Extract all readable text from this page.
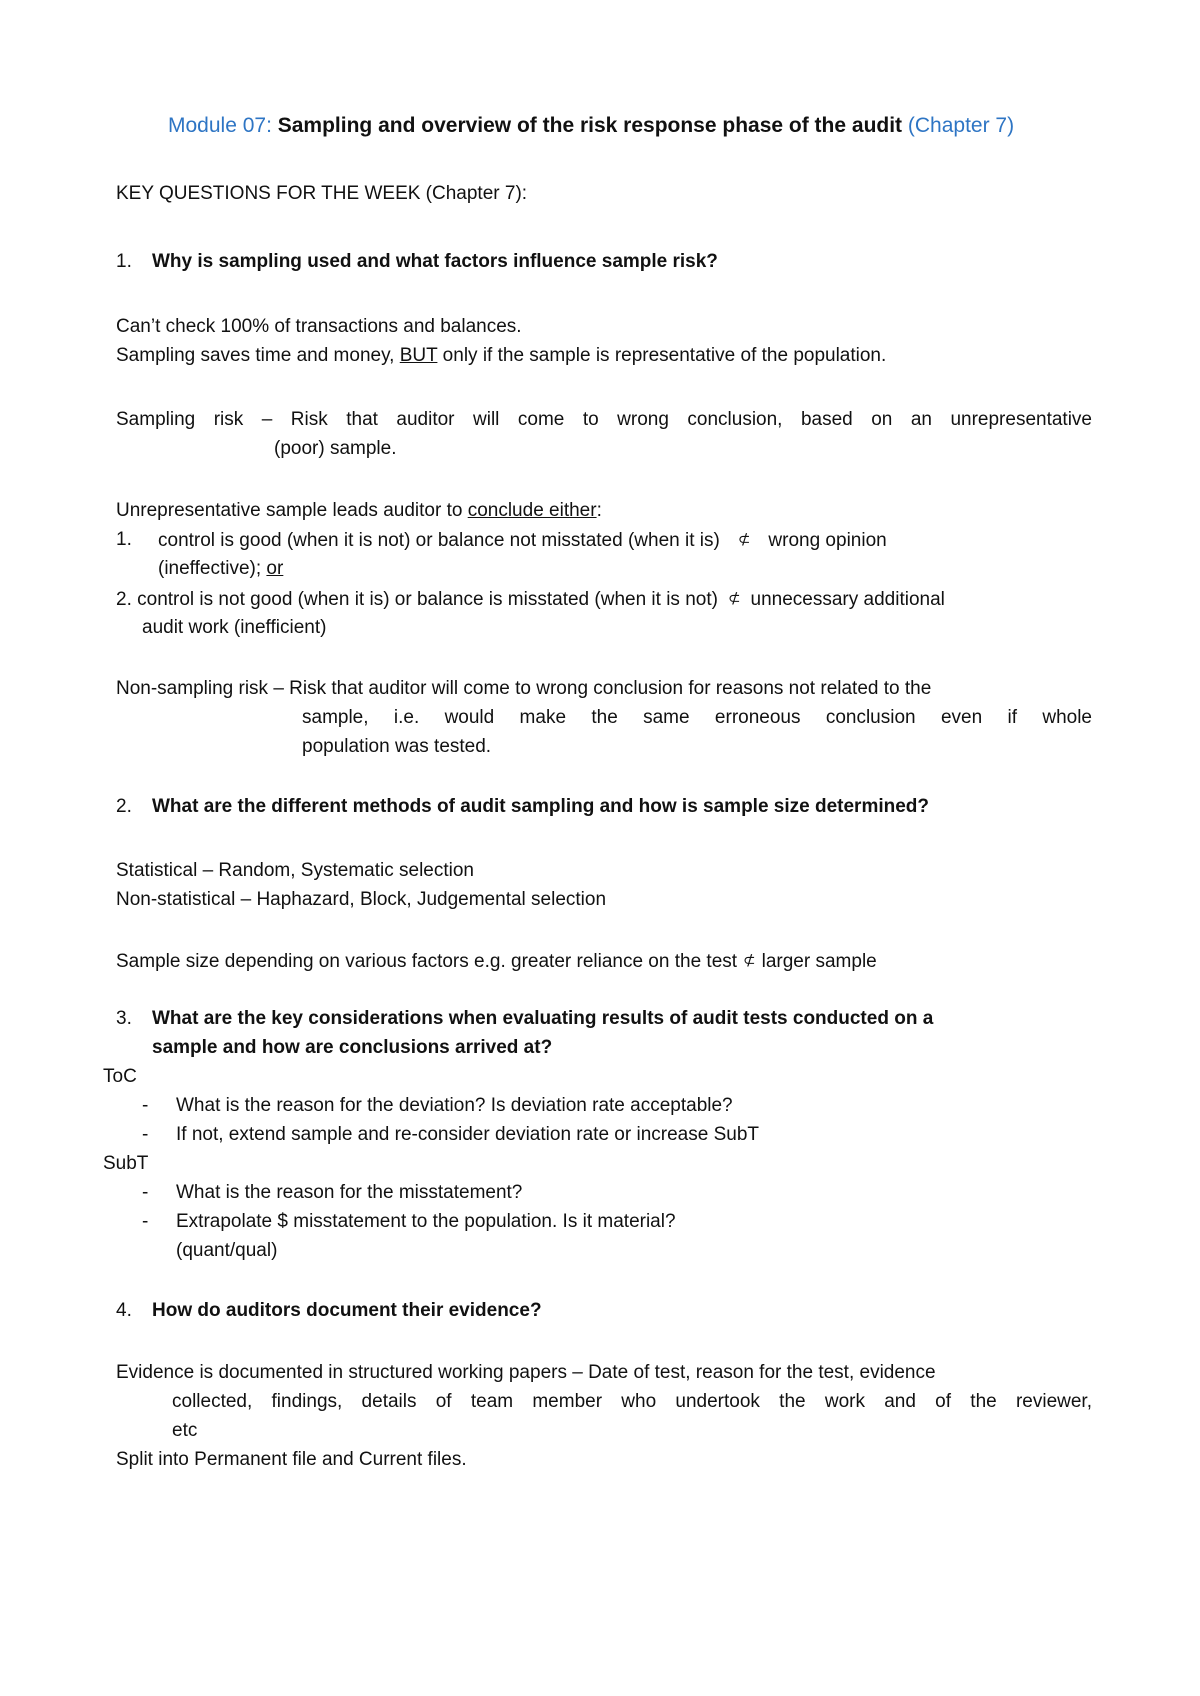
Module 07: Sampling and overview of the risk response phase of the audit (Chapter 7)
KEY QUESTIONS FOR THE WEEK (Chapter 7):
1. Why is sampling used and what factors influence sample risk?
Can’t check 100% of transactions and balances.
Sampling saves time and money, BUT only if the sample is representative of the population.
Sampling risk – Risk that auditor will come to wrong conclusion, based on an unrepresentative
(poor) sample.
Unrepresentative sample leads auditor to conclude either:
1. control is good (when it is not) or balance not misstated (when it is) ⊄ wrong opinion
(ineffective); or
2. control is not good (when it is) or balance is misstated (when it is not) ⊄ unnecessary additional
audit work (inefficient)
Non-sampling risk – Risk that auditor will come to wrong conclusion for reasons not related to the
sample, i.e. would make the same erroneous conclusion even if whole
population was tested.
2. What are the different methods of audit sampling and how is sample size determined?
Statistical – Random, Systematic selection
Non-statistical – Haphazard, Block, Judgemental selection
Sample size depending on various factors e.g. greater reliance on the test ⊄ larger sample
3. What are the key considerations when evaluating results of audit tests conducted on a
sample and how are conclusions arrived at?
ToC
- What is the reason for the deviation? Is deviation rate acceptable?
- If not, extend sample and re-consider deviation rate or increase SubT
SubT
- What is the reason for the misstatement?
- Extrapolate $ misstatement to the population. Is it material?
(quant/qual)
4. How do auditors document their evidence?
Evidence is documented in structured working papers – Date of test, reason for the test, evidence
collected, findings, details of team member who undertook the work and of the reviewer,
etc
Split into Permanent file and Current files.
